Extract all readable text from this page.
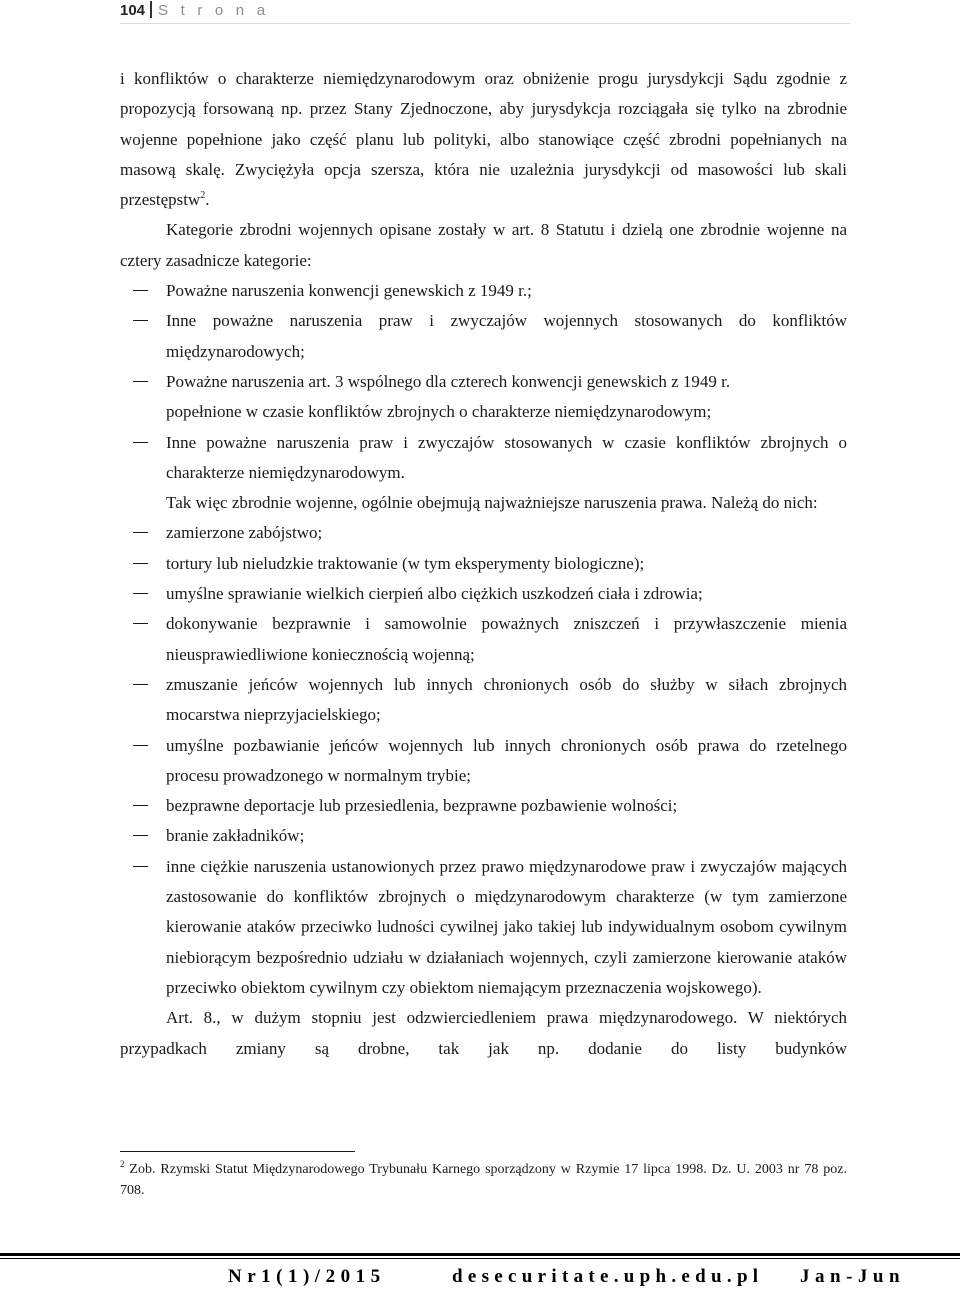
104 S t r o n a

i konfliktów o charakterze niemiędzynarodowym oraz obniżenie progu jurysdykcji Sądu zgodnie z propozycją forsowaną np. przez Stany Zjednoczone, aby jurysdykcja rozciągała się tylko na zbrodnie wojenne popełnione jako część planu lub polityki, albo stanowiące część zbrodni popełnianych na masową skalę. Zwyciężyła opcja szersza, która nie uzależnia jurysdykcji od masowości lub skali przestępstw$^2$.

Kategorie zbrodni wojennych opisane zostały w art. 8 Statutu i dzielą one zbrodnie wojenne na cztery zasadnicze kategorie:

Poważne naruszenia konwencji genewskich z 1949 r.;
Inne poważne naruszenia praw i zwyczajów wojennych stosowanych do konfliktów międzynarodowych;
Poważne naruszenia art. 3 wspólnego dla czterech konwencji genewskich z 1949 r.

popełnione w czasie konfliktów zbrojnych o charakterze niemiędzynarodowym;

Inne poważne naruszenia praw i zwyczajów stosowanych w czasie konfliktów zbrojnych o charakterze niemiędzynarodowym.

Tak więc zbrodnie wojenne, ogólnie obejmują najważniejsze naruszenia prawa. Należą do nich:

zamierzone zabójstwo;
tortury lub nieludzkie traktowanie (w tym eksperymenty biologiczne);
umyślne sprawianie wielkich cierpień albo ciężkich uszkodzeń ciała i zdrowia;
dokonywanie bezprawnie i samowolnie poważnych zniszczeń i przywłaszczenie mienia nieusprawiedliwione koniecznością wojenną;
zmuszanie jeńców wojennych lub innych chronionych osób do służby w siłach zbrojnych mocarstwa nieprzyjacielskiego;
umyślne pozbawianie jeńców wojennych lub innych chronionych osób prawa do rzetelnego procesu prowadzonego w normalnym trybie;
bezprawne deportacje lub przesiedlenia, bezprawne pozbawienie wolności;
branie zakładników;
inne ciężkie naruszenia ustanowionych przez prawo międzynarodowe praw i zwyczajów mających zastosowanie do konfliktów zbrojnych o międzynarodowym charakterze (w tym zamierzone kierowanie ataków przeciwko ludności cywilnej jako takiej lub indywidualnym osobom cywilnym niebiorącym bezpośrednio udziału w działaniach wojennych, czyli zamierzone kierowanie ataków przeciwko obiektom cywilnym czy obiektom niemającym przeznaczenia wojskowego).

Art. 8., w dużym stopniu jest odzwierciedleniem prawa międzynarodowego. W niektórych przypadkach zmiany są drobne, tak jak np. dodanie do listy budynków

$^2$ Zob. Rzymski Statut Międzynarodowego Trybunału Karnego sporządzony w Rzymie 17 lipca 1998. Dz. U. 2003 nr 78 poz. 708.
Nr1(1)/2015	desecuritate.uph.edu.pl Jan-Jun
